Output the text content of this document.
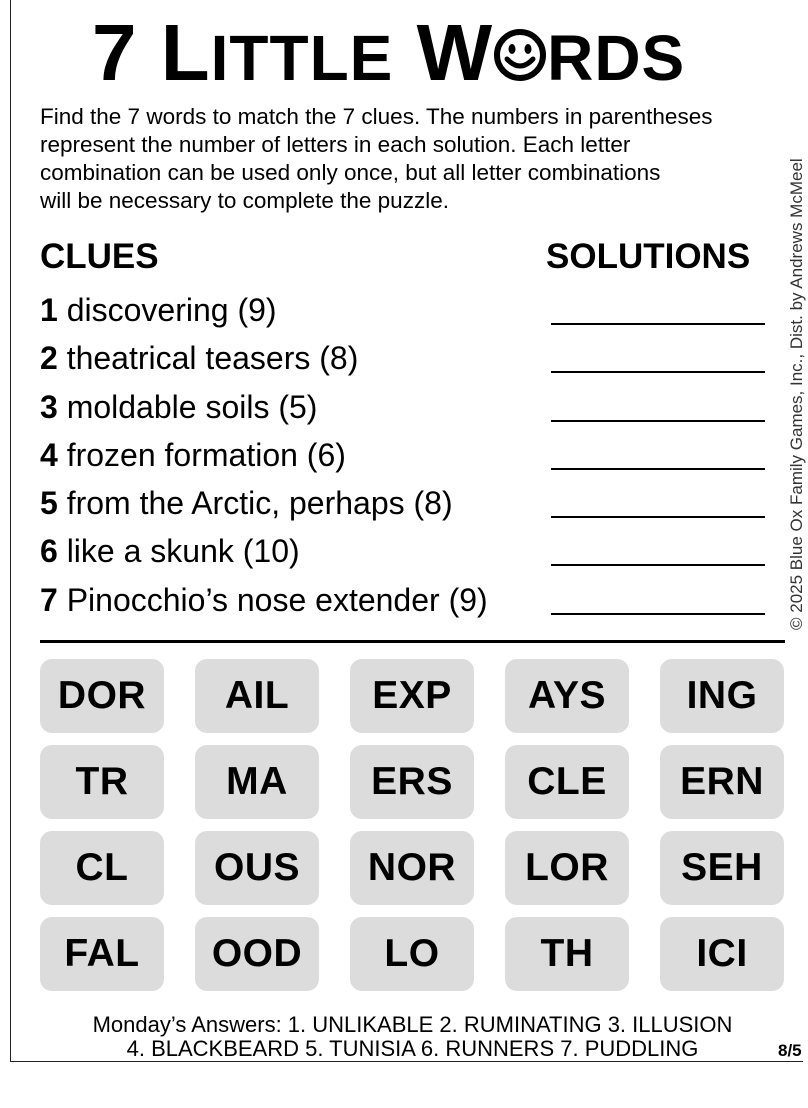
7 LITTLE W RDS
Find the 7 words to match the 7 clues. The numbers in parentheses
represent the number of letters in each solution. Each letter
combination can be used only once, but all letter combinations
will be necessary to complete the puzzle.
CLUES	SOLUTIONS
1 discovering (9)
2 theatrical teasers (8)
3 moldable soils (5)
4 frozen formation (6)
5 from the Arctic, perhaps (8)
6 like a skunk (10)
7 Pinocchio’s nose extender (9)
DOR	AIL	EXP	AYS	ING
TR	MA	ERS	CLE	ERN
CL	OUS	NOR	LOR	SEH
FAL	OOD	LO	TH	ICI
Monday’s Answers: 1. UNLIKABLE 2. RUMINATING 3. ILLUSION
4. BLACKBEARD 5. TUNISIA 6. RUNNERS 7. PUDDLING	8/5
© 2025 Blue Ox Family Games, Inc., Dist. by Andrews McMeel
